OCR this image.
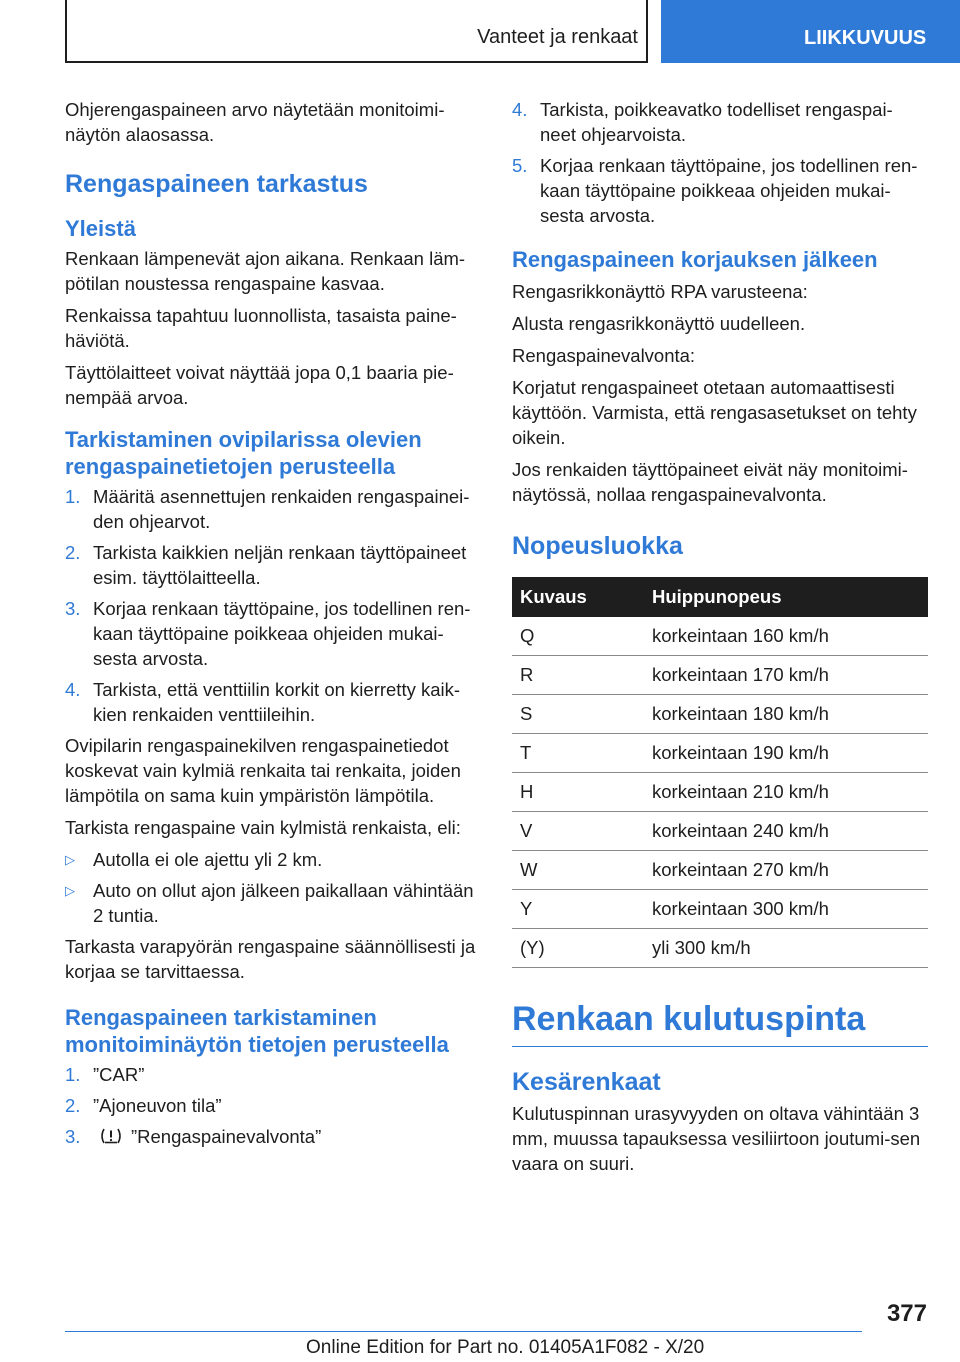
Vanteet ja renkaat	LIIKKUVUUS

Ohjerengaspaineen arvo näytetään monitoimi‐näytön alaosassa.

Rengaspaineen tarkastus
Yleistä

Renkaan lämpenevät ajon aikana. Renkaan läm‐pötilan noustessa rengaspaine kasvaa.

Renkaissa tapahtuu luonnollista, tasaista paine‐häviötä.

Täyttölaitteet voivat näyttää jopa 0,1 baaria pie‐nempää arvoa.

Tarkistaminen ovipilarissa olevien rengaspainetietojen perusteella
1. Määritä asennettujen renkaiden rengaspainei‐den ohjearvot.
2. Tarkista kaikkien neljän renkaan täyttöpaineet esim. täyttölaitteella.
3. Korjaa renkaan täyttöpaine, jos todellinen ren‐kaan täyttöpaine poikkeaa ohjeiden mukai‐sesta arvosta.
4. Tarkista, että venttiilin korkit on kierretty kaik‐kien renkaiden venttiileihin.

Ovipilarin rengaspainekilven rengaspainetiedot koskevat vain kylmiä renkaita tai renkaita, joiden lämpötila on sama kuin ympäristön lämpötila.

Tarkista rengaspaine vain kylmistä renkaista, eli:

▷ Autolla ei ole ajettu yli 2 km.
▷ Auto on ollut ajon jälkeen paikallaan vähintään 2 tuntia.

Tarkasta varapyörän rengaspaine säännöllisesti ja korjaa se tarvittaessa.

Rengaspaineen tarkistaminen monitoiminäytön tietojen perusteella
1. ”CAR”
2. ”Ajoneuvon tila”
3.	”Rengaspainevalvonta”
4. Tarkista, poikkeavatko todelliset rengaspai‐neet ohjearvoista.
5. Korjaa renkaan täyttöpaine, jos todellinen ren‐kaan täyttöpaine poikkeaa ohjeiden mukai‐sesta arvosta.
Rengaspaineen korjauksen jälkeen

Rengasrikkonäyttö RPA varusteena:

Alusta rengasrikkonäyttö uudelleen.

Rengaspainevalvonta:

Korjatut rengaspaineet otetaan automaattisesti käyttöön. Varmista, että rengasasetukset on tehty oikein.

Jos renkaiden täyttöpaineet eivät näy monitoimi‐näytössä, nollaa rengaspainevalvonta.

Nopeusluokka
Kuvaus	Huippunopeus
Q	korkeintaan 160 km/h
R	korkeintaan 170 km/h
S	korkeintaan 180 km/h
T	korkeintaan 190 km/h
H	korkeintaan 210 km/h
V	korkeintaan 240 km/h
W	korkeintaan 270 km/h
Y	korkeintaan 300 km/h
(Y)	yli 300 km/h
Renkaan kulutuspinta
Kesärenkaat

Kulutuspinnan urasyvyyden on oltava vähintään 3 mm, muussa tapauksessa vesiliirtoon joutumi‐sen vaara on suuri.

377
Online Edition for Part no. 01405A1F082 - X/20
